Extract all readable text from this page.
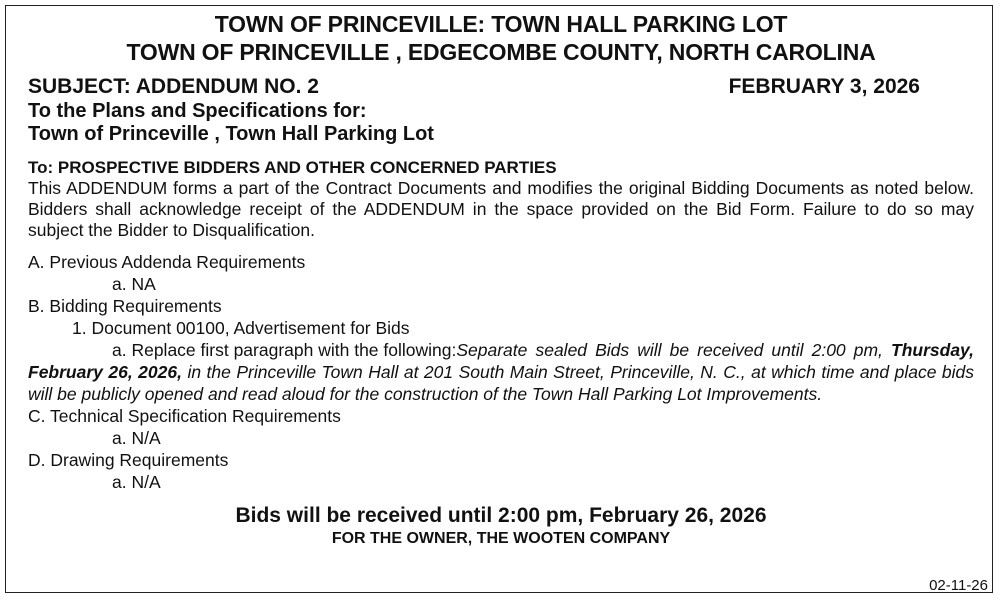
TOWN OF PRINCEVILLE: TOWN HALL PARKING LOT
TOWN OF PRINCEVILLE , EDGECOMBE COUNTY, NORTH CAROLINA
SUBJECT: ADDENDUM NO. 2	FEBRUARY 3, 2026
To the Plans and Specifications for:
Town of Princeville , Town Hall Parking Lot
To: PROSPECTIVE BIDDERS AND OTHER CONCERNED PARTIES
This ADDENDUM forms a part of the Contract Documents and modifies the original Bidding Documents as noted below. Bidders shall acknowledge receipt of the ADDENDUM in the space provided on the Bid Form. Failure to do so may subject the Bidder to Disqualification.
A. Previous Addenda Requirements
a. NA
B. Bidding Requirements
1. Document 00100, Advertisement for Bids
a. Replace first paragraph with the following:Separate sealed Bids will be received until 2:00 pm, Thursday, February 26, 2026, in the Princeville Town Hall at 201 South Main Street, Princeville, N. C., at which time and place bids will be publicly opened and read aloud for the construction of the Town Hall Parking Lot Improvements.
C. Technical Specification Requirements
a. N/A
D. Drawing Requirements
a. N/A
Bids will be received until 2:00 pm, February 26, 2026
FOR THE OWNER, THE WOOTEN COMPANY
02-11-26
